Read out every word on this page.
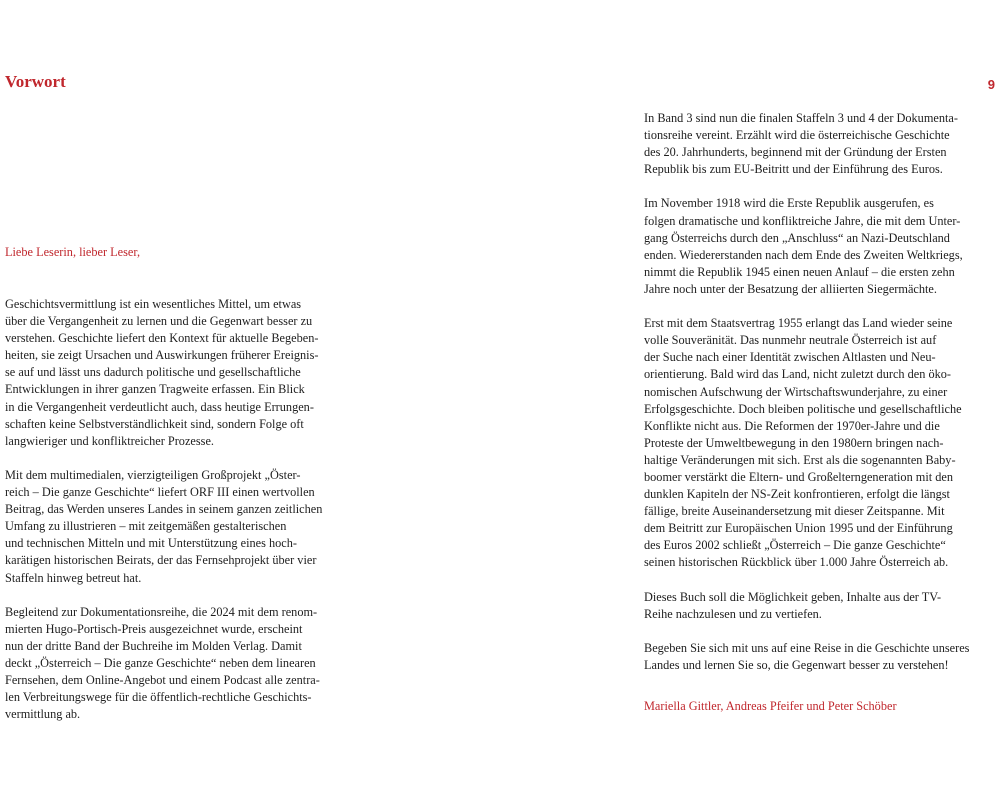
Vorwort	9

Liebe Leserin, lieber Leser,

Geschichtsvermittlung ist ein wesentliches Mittel, um etwas
über die Vergangenheit zu lernen und die Gegenwart besser zu
verstehen. Geschichte liefert den Kontext für aktuelle Begeben-
heiten, sie zeigt Ursachen und Auswirkungen früherer Ereignis-
se auf und lässt uns dadurch politische und gesellschaftliche
Entwicklungen in ihrer ganzen Tragweite erfassen. Ein Blick
in die Vergangenheit verdeutlicht auch, dass heutige Errungen-
schaften keine Selbstverständlichkeit sind, sondern Folge oft
langwieriger und konfliktreicher Prozesse.

Mit dem multimedialen, vierzigteiligen Großprojekt „Öster-
reich – Die ganze Geschichte“ liefert ORF III einen wertvollen
Beitrag, das Werden unseres Landes in seinem ganzen zeitlichen
Umfang zu illustrieren – mit zeitgemäßen gestalterischen
und technischen Mitteln und mit Unterstützung eines hoch-
karätigen historischen Beirats, der das Fernsehprojekt über vier
Staffeln hinweg betreut hat.

Begleitend zur Dokumentationsreihe, die 2024 mit dem renom-
mierten Hugo-Portisch-Preis ausgezeichnet wurde, erscheint
nun der dritte Band der Buchreihe im Molden Verlag. Damit
deckt „Österreich – Die ganze Geschichte“ neben dem linearen
Fernsehen, dem Online-Angebot und einem Podcast alle zentra-
len Verbreitungswege für die öffentlich-rechtliche Geschichts-
vermittlung ab.

In Band 3 sind nun die finalen Staffeln 3 und 4 der Dokumenta-
tionsreihe vereint. Erzählt wird die österreichische Geschichte
des 20. Jahrhunderts, beginnend mit der Gründung der Ersten
Republik bis zum EU-Beitritt und der Einführung des Euros.

Im November 1918 wird die Erste Republik ausgerufen, es
folgen dramatische und konfliktreiche Jahre, die mit dem Unter-
gang Österreichs durch den „Anschluss“ an Nazi-Deutschland
enden. Wiedererstanden nach dem Ende des Zweiten Weltkriegs,
nimmt die Republik 1945 einen neuen Anlauf – die ersten zehn
Jahre noch unter der Besatzung der alliierten Siegermächte.

Erst mit dem Staatsvertrag 1955 erlangt das Land wieder seine
volle Souveränität. Das nunmehr neutrale Österreich ist auf
der Suche nach einer Identität zwischen Altlasten und Neu-
orientierung. Bald wird das Land, nicht zuletzt durch den öko-
nomischen Aufschwung der Wirtschaftswunderjahre, zu einer
Erfolgsgeschichte. Doch bleiben politische und gesellschaftliche
Konflikte nicht aus. Die Reformen der 1970er-Jahre und die
Proteste der Umweltbewegung in den 1980ern bringen nach-
haltige Veränderungen mit sich. Erst als die sogenannten Baby-
boomer verstärkt die Eltern- und Großelterngeneration mit den
dunklen Kapiteln der NS-Zeit konfrontieren, erfolgt die längst
fällige, breite Auseinandersetzung mit dieser Zeitspanne. Mit
dem Beitritt zur Europäischen Union 1995 und der Einführung
des Euros 2002 schließt „Österreich – Die ganze Geschichte“
seinen historischen Rückblick über 1.000 Jahre Österreich ab.

Dieses Buch soll die Möglichkeit geben, Inhalte aus der TV-
Reihe nachzulesen und zu vertiefen.

Begeben Sie sich mit uns auf eine Reise in die Geschichte unseres
Landes und lernen Sie so, die Gegenwart besser zu verstehen!

Mariella Gittler, Andreas Pfeifer und Peter Schöber
